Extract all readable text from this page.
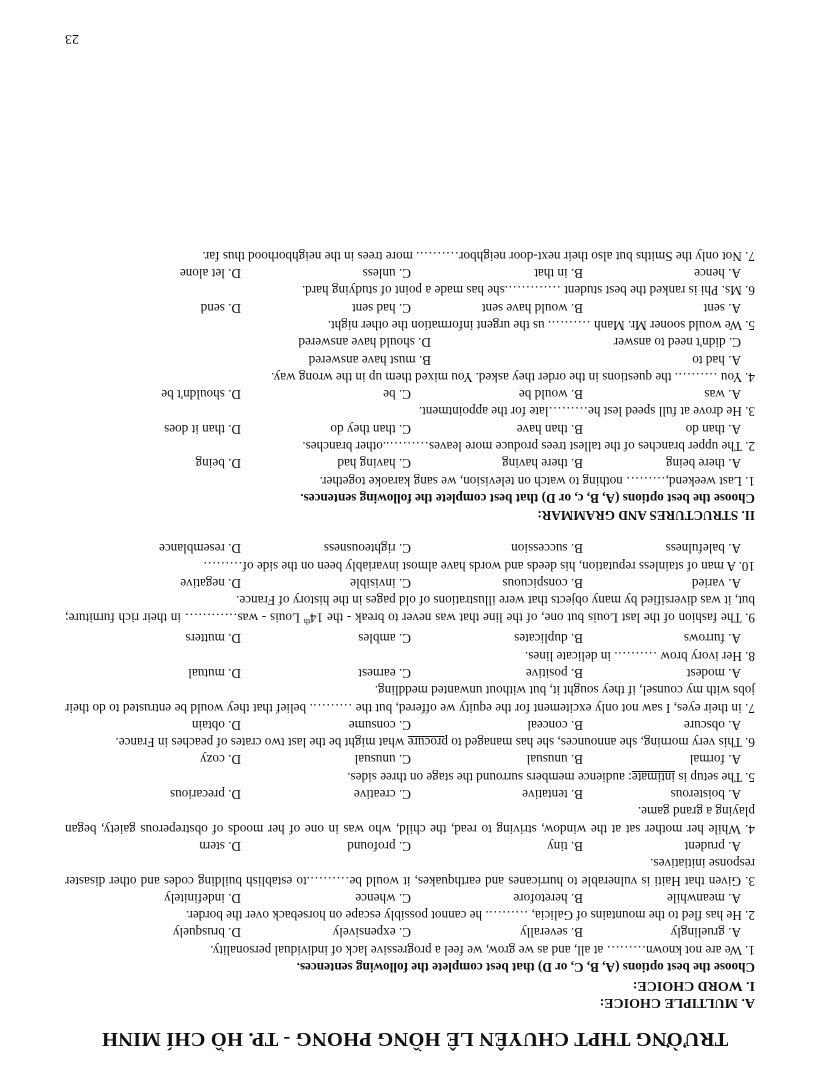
TRƯỜNG THPT CHUYÊN LÊ HỒNG PHONG - TP. HỒ CHÍ MINH
A. MULTIPLE CHOICE:
I. WORD CHOICE:
Choose the best options (A, B, C, or D) that best complete the following sentences.
1. We are not known……… at all, and as we grow, we feel a progressive lack of individual personality.
A. gruelingly
B. severally
C. expensively
D. brusquely
2. He has fled to the mountains of Galicia, ………. he cannot possibly escape on horseback over the border.
A. meanwhile
B. heretofore
C. whence
D. indefinitely
3. Given that Haiti is vulnerable to hurricanes and earthquakes, it would be……….to establish building codes and other disaster response initiatives.
A. prudent
B. tiny
C. profound
D. stern
4. While her mother sat at the window, striving to read, the child, who was in one of her moods of obstreperous gaiety, began playing a grand game.
A. boisterous
B. tentative
C. creative
D. precarious
5. The setup is intimate: audience members surround the stage on three sides.
A. formal
B. unusual
C. unusual
D. cozy
6. This very morning, she announces, she has managed to procure what might be the last two crates of peaches in France.
A. obscure
B. conceal
C. consume
D. obtain
7. in their eyes, I saw not only excitement for the equity we offered, but the ………. belief that they would be entrusted to do their jobs with my counsel, if they sought it, but without unwanted meddling.
A. modest
B. positive
C. earnest
D. mutual
8. Her ivory brow ………. in delicate lines.
A. furrows
B. duplicates
C. ambles
D. mutters
9. The fashion of the last Louis but one, of the line that was never to break - the 14th Louis - was………… in their rich furniture; but, it was diversified by many objects that were illustrations of old pages in the history of France.
A. varied
B. conspicuous
C. invisible
D. negative
10. A man of stainless reputation, his deeds and words have almost invariably been on the side of………
A. balefulness
B. succession
C. righteousness
D. resemblance
II. STRUCTURES AND GRAMMAR:
Choose the best options (A, B, c, or D) that best complete the following sentences.
1. Last weekend,……… nothing to watch on television, we sang karaoke together.
A. there being
B. there having
C. having had
D. being
2. The upper branches of the tallest trees produce more leaves………..other branches.
A. than do
B. than have
C. than they do
D. than it does
3. He drove at full speed lest he………late for the appointment.
A. was
B. would be
C. be
D. shouldn't be
4. You ………. the questions in the order they asked. You mixed them up in the wrong way.
A. had to
B. must have answered
C. didn't need to answer
D. should have answered
5. We would sooner Mr. Manh ………. us the urgent information the other night.
A. sent
B. would have sent
C. had sent
D. send
6. Ms. Phi is ranked the best student ………….she has made a point of studying hard.
A. hence
B. in that
C. unless
D. let alone
7. Not only the Smiths but also their next-door neighbor………. more trees in the neighborhood thus far.
23
